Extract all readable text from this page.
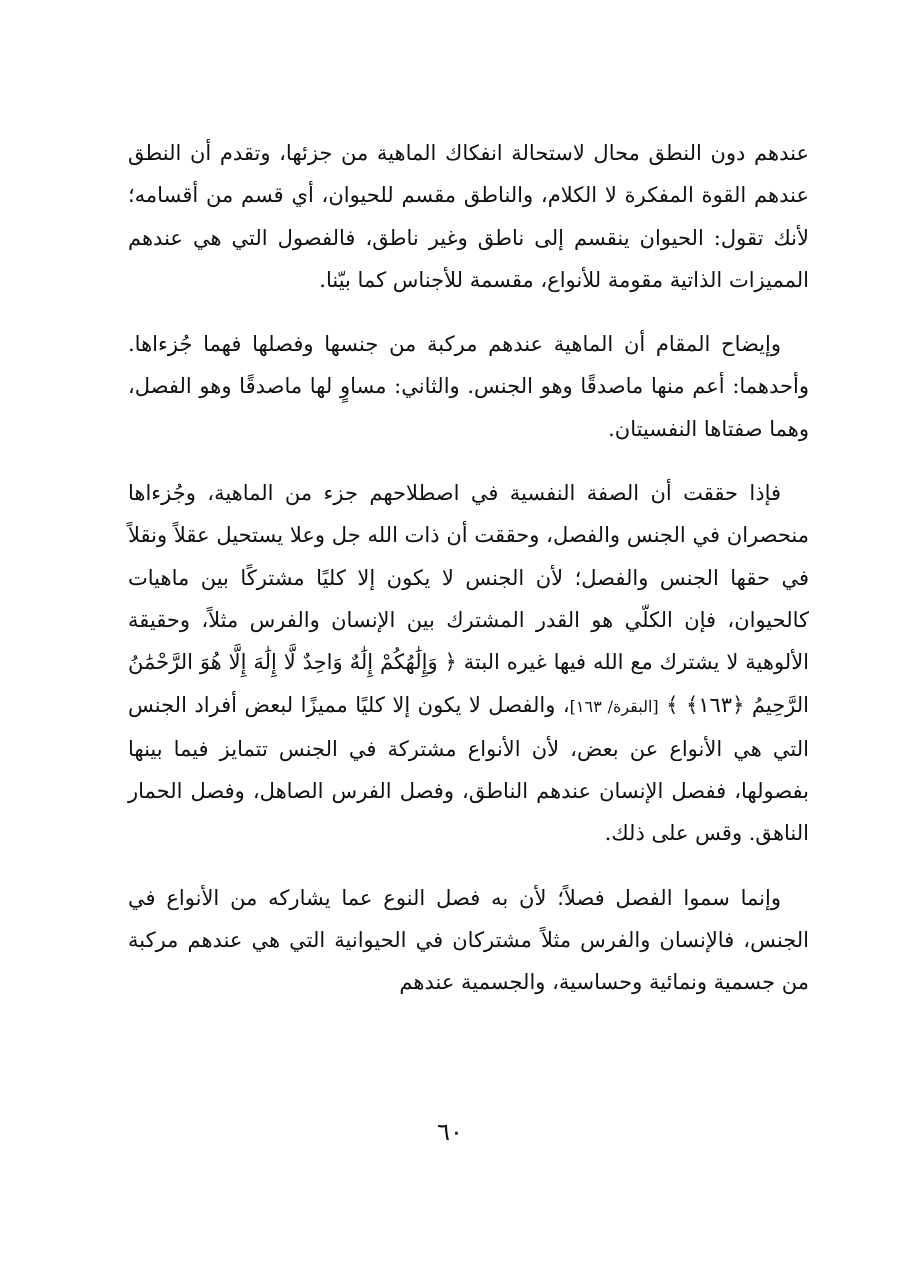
عندهم دون النطق محال لاستحالة انفكاك الماهية من جزئها، وتقدم أن النطق عندهم القوة المفكرة لا الكلام، والناطق مقسم للحيوان، أي قسم من أقسامه؛ لأنك تقول: الحيوان ينقسم إلى ناطق وغير ناطق، فالفصول التي هي عندهم المميزات الذاتية مقومة للأنواع، مقسمة للأجناس كما بيّنا.

وإيضاح المقام أن الماهية عندهم مركبة من جنسها وفصلها فهما جُزءاها. وأحدهما: أعم منها ماصدقًا وهو الجنس. والثاني: مساوٍ لها ماصدقًا وهو الفصل، وهما صفتاها النفسيتان.

فإذا حققت أن الصفة النفسية في اصطلاحهم جزء من الماهية، وجُزءاها منحصران في الجنس والفصل، وحققت أن ذات الله جل وعلا يستحيل عقلاً ونقلاً في حقها الجنس والفصل؛ لأن الجنس لا يكون إلا كليًا مشتركًا بين ماهيات كالحيوان، فإن الكلّي هو القدر المشترك بين الإنسان والفرس مثلاً، وحقيقة الألوهية لا يشترك مع الله فيها غيره البتة ﴿ وَإِلَٰهُكُمْ إِلَٰهٌ وَاحِدٌ لَّا إِلَٰهَ إِلَّا هُوَ الرَّحْمَٰنُ الرَّحِيمُ ﴿١٦٣﴾ ﴾ [البقرة/ ١٦٣]، والفصل لا يكون إلا كليًا مميزًا لبعض أفراد الجنس التي هي الأنواع عن بعض، لأن الأنواع مشتركة في الجنس تتمايز فيما بينها بفصولها، ففصل الإنسان عندهم الناطق، وفصل الفرس الصاهل، وفصل الحمار الناهق. وقس على ذلك.

وإنما سموا الفصل فصلاً؛ لأن به فصل النوع عما يشاركه من الأنواع في الجنس، فالإنسان والفرس مثلاً مشتركان في الحيوانية التي هي عندهم مركبة من جسمية ونمائية وحساسية، والجسمية عندهم

٦٠
